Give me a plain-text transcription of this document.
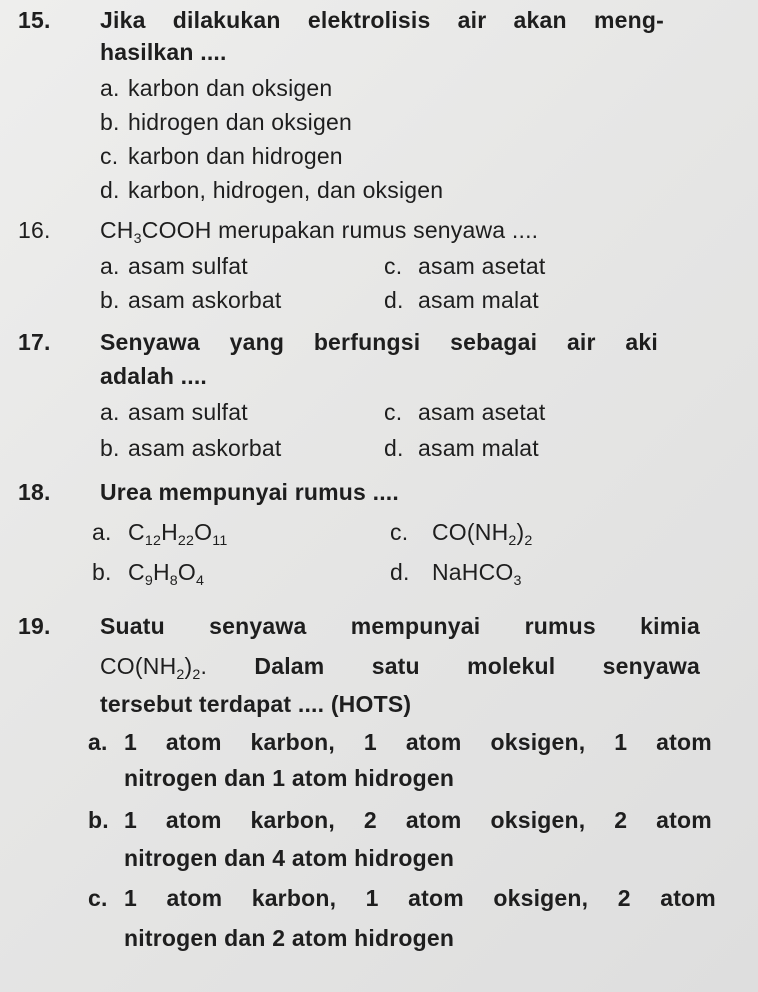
15. Jika dilakukan elektrolisis air akan meng-
hasilkan ....
a. karbon dan oksigen
b. hidrogen dan oksigen
c. karbon dan hidrogen
d. karbon, hidrogen, dan oksigen
16. $CH_3COOH$ merupakan rumus senyawa ....
a. asam sulfat	c. asam asetat
b. asam askorbat	d. asam malat
17. Senyawa yang berfungsi sebagai air aki
adalah ....
a. asam sulfat	c. asam asetat
b. asam askorbat	d. asam malat
18. Urea mempunyai rumus ....
a. $C_{12}H_{22}O_{11}$	c. $CO(NH_2)_2$
b. $C_9H_8O_4$	d. NaHCO$_3$
19. Suatu senyawa mempunyai rumus kimia
$CO(NH_2)_2$. Dalam satu molekul senyawa
tersebut terdapat .... (HOTS)
a. 1 atom karbon, 1 atom oksigen, 1 atom
nitrogen dan 1 atom hidrogen
b. 1 atom karbon, 2 atom oksigen, 2 atom
nitrogen dan 4 atom hidrogen
c. 1 atom karbon, 1 atom oksigen, 2 atom
nitrogen dan 2 atom hidrogen
